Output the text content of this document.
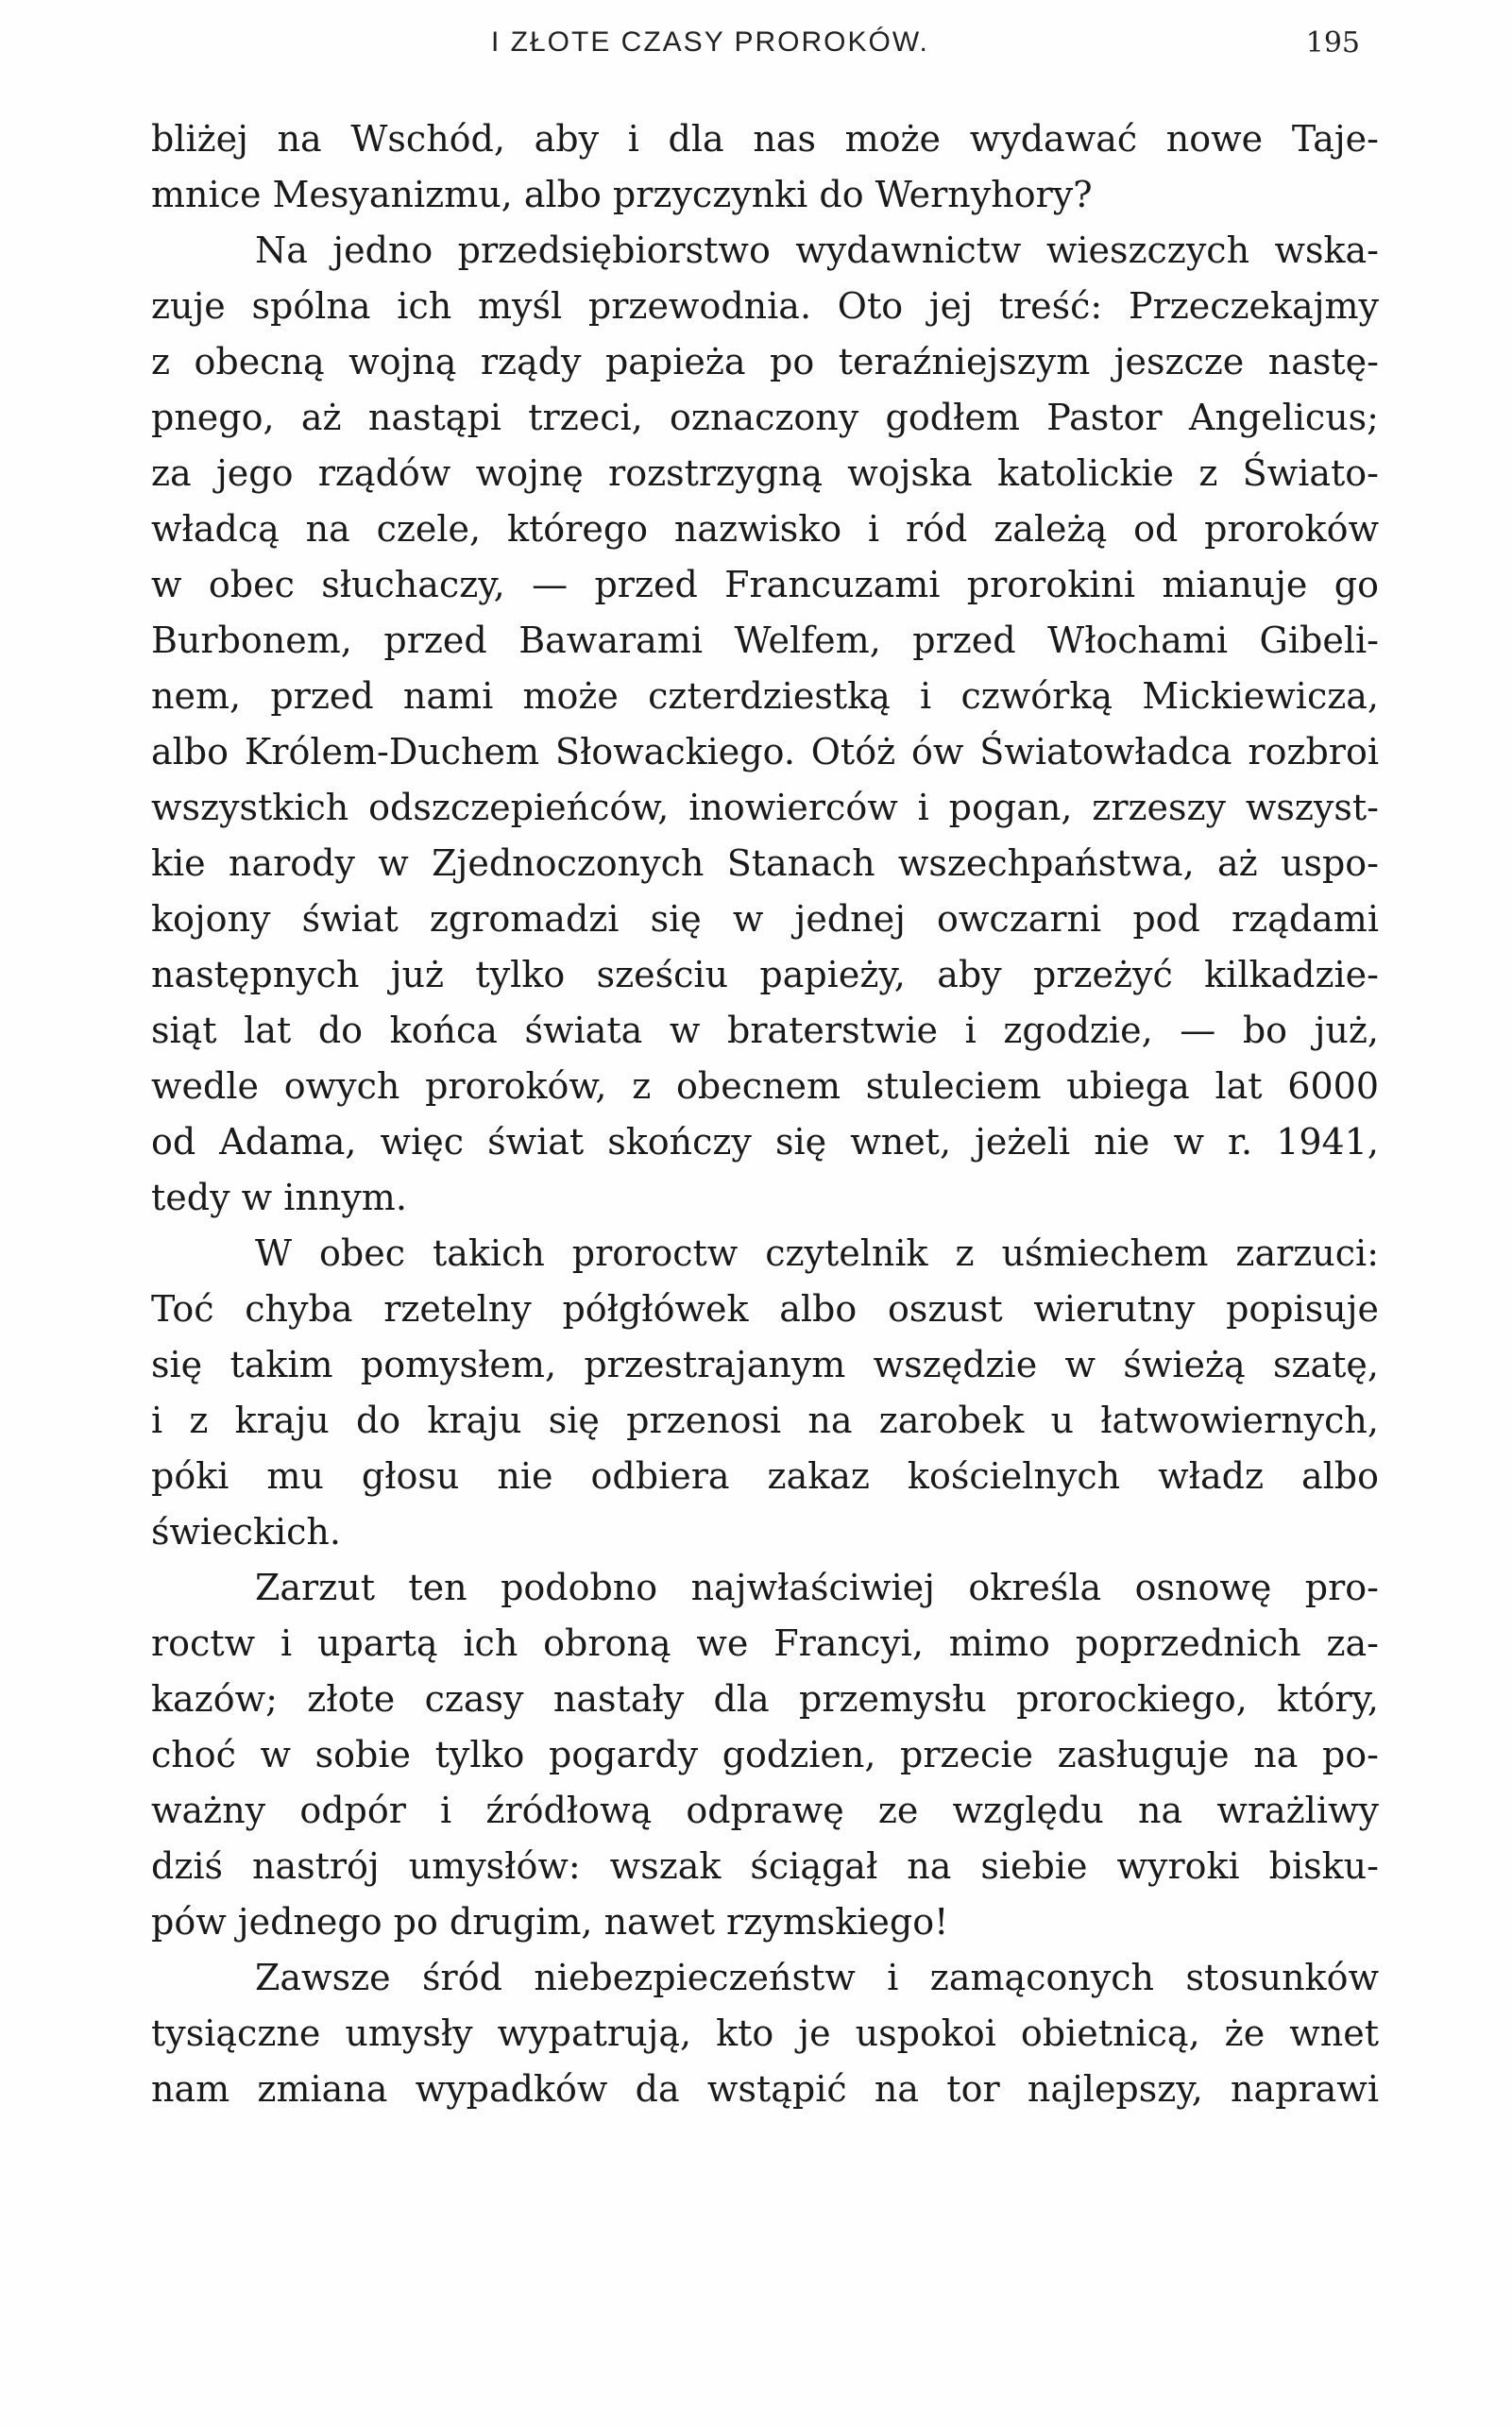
I ZŁOTE CZASY PROROKÓW.	195
bliżej na Wschód, aby i dla nas może wydawać nowe Taje-
mnice Mesyanizmu, albo przyczynki do Wernyhory?
Na jedno przedsiębiorstwo wydawnictw wieszczych wska-
zuje spólna ich myśl przewodnia. Oto jej treść: Przeczekajmy
z obecną wojną rządy papieża po teraźniejszym jeszcze nastę-
pnego, aż nastąpi trzeci, oznaczony godłem Pastor Angelicus;
za jego rządów wojnę rozstrzygną wojska katolickie z Świato-
władcą na czele, którego nazwisko i ród zależą od proroków
w obec słuchaczy, — przed Francuzami prorokini mianuje go
Burbonem, przed Bawarami Welfem, przed Włochami Gibeli-
nem, przed nami może czterdziestką i czwórką Mickiewicza,
albo Królem-Duchem Słowackiego. Otóż ów Światowładca rozbroi
wszystkich odszczepieńców, inowierców i pogan, zrzeszy wszyst-
kie narody w Zjednoczonych Stanach wszechpaństwa, aż uspo-
kojony świat zgromadzi się w jednej owczarni pod rządami
następnych już tylko sześciu papieży, aby przeżyć kilkadzie-
siąt lat do końca świata w braterstwie i zgodzie, — bo już,
wedle owych proroków, z obecnem stuleciem ubiega lat 6000
od Adama, więc świat skończy się wnet, jeżeli nie w r. 1941,
tedy w innym.
W obec takich proroctw czytelnik z uśmiechem zarzuci:
Toć chyba rzetelny półgłówek albo oszust wierutny popisuje
się takim pomysłem, przestrajanym wszędzie w świeżą szatę,
i z kraju do kraju się przenosi na zarobek u łatwowiernych,
póki mu głosu nie odbiera zakaz kościelnych władz albo
świeckich.
Zarzut ten podobno najwłaściwiej określa osnowę pro-
roctw i upartą ich obroną we Francyi, mimo poprzednich za-
kazów; złote czasy nastały dla przemysłu prorockiego, który,
choć w sobie tylko pogardy godzien, przecie zasługuje na po-
ważny odpór i źródłową odprawę ze względu na wrażliwy
dziś nastrój umysłów: wszak ściągał na siebie wyroki bisku-
pów jednego po drugim, nawet rzymskiego!
Zawsze śród niebezpieczeństw i zamąconych stosunków
tysiączne umysły wypatrują, kto je uspokoi obietnicą, że wnet
nam zmiana wypadków da wstąpić na tor najlepszy, naprawi
